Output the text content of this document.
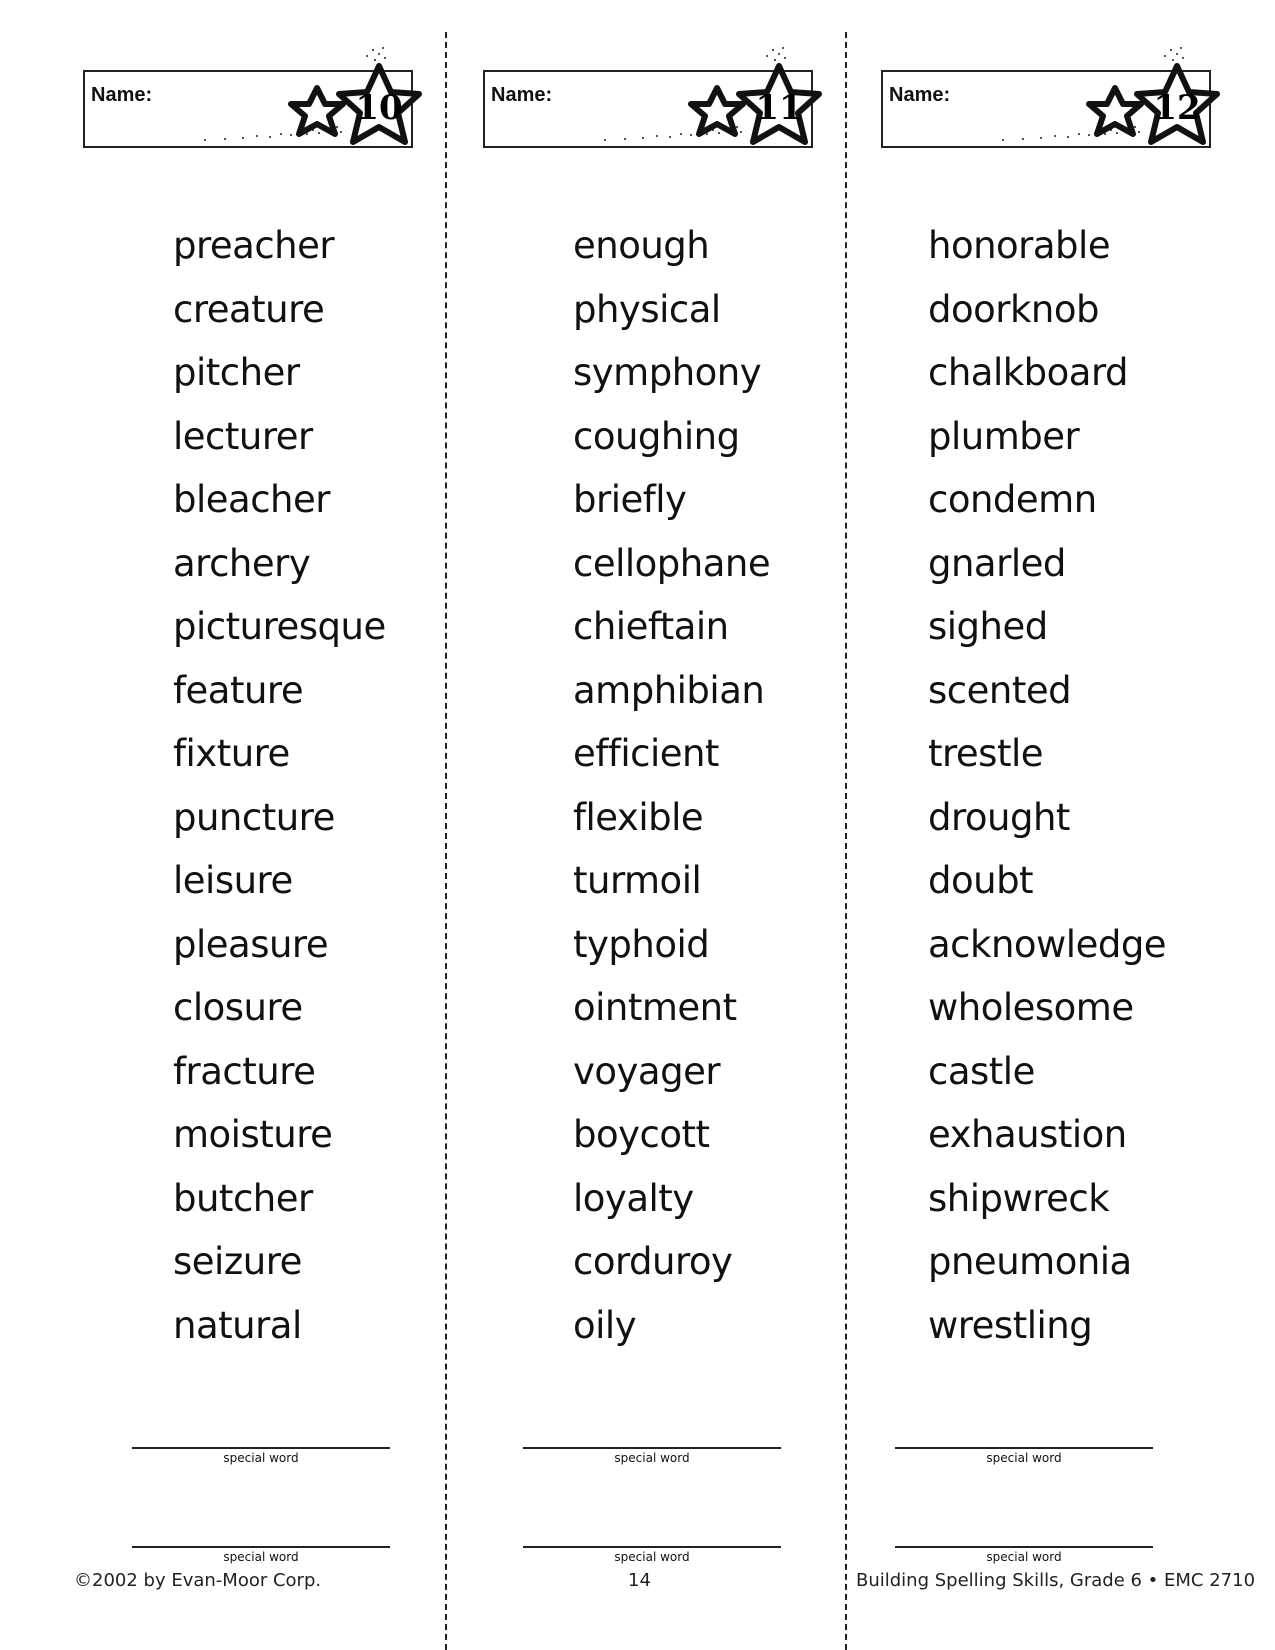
Name:	10
preacher
creature
pitcher
lecturer
bleacher
archery
picturesque
feature
fixture
puncture
leisure
pleasure
closure
fracture
moisture
butcher
seizure
natural
special word
special word
Name:	11
enough
physical
symphony
coughing
briefly
cellophane
chieftain
amphibian
efficient
flexible
turmoil
typhoid
ointment
voyager
boycott
loyalty
corduroy
oily
special word
special word
Name:	12
honorable
doorknob
chalkboard
plumber
condemn
gnarled
sighed
scented
trestle
drought
doubt
acknowledge
wholesome
castle
exhaustion
shipwreck
pneumonia
wrestling
special word
special word
©2002 by Evan-Moor Corp.	14	Building Spelling Skills, Grade 6 • EMC 2710
